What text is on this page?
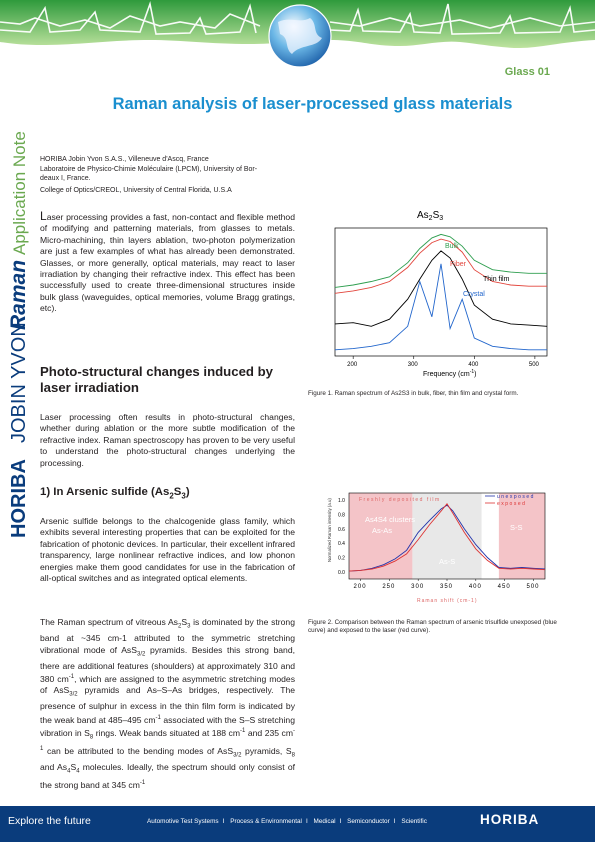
Glass 01
Raman analysis of laser-processed glass materials
HORIBA
JOBIN YVON
Raman
Application Note HORIBA Jobin Yvon S.A.S., Villeneuve d'Ascq, France
Laboratoire de Physico-Chimie Moléculaire (LPCM), University of Bor-
deaux I, France.
College of Optics/CREOL, University of Central Florida, U.S.A
Laser processing provides a fast, non-contact and flexible method of modifying and patterning materials, from glasses to metals. Micro-machining, thin layers ablation, two-photon polymerization are just a few examples of what has already been demonstrated. Glasses, or more generally, optical materials, may react to laser irradiation by changing their refractive index. This effect has been successfully used to create three-dimensional structures inside bulk glass (waveguides, optical memories, volume Bragg gratings, etc).
Photo-structural changes induced by laser irradiation
Laser processing often results in photo-structural changes, whether during ablation or the more subtle modification of the refractive index. Raman spectroscopy has proven to be very useful to understand the photo-structural changes underlying the processing.
1) In Arsenic sulfide $(As_2S_3)$
Arsenic sulfide belongs to the chalcogenide glass family, which exhibits several interesting properties that can be exploited for the fabrication of photonic devices. In particular, their excellent infrared transparency, large nonlinear refractive indices, and low phonon energies make them good candidates for use in the fabrication of all-optical switches and as integrated optical elements.
The Raman spectrum of vitreous $As_2S_3$ is dominated by the strong band at ~345 cm-1 attributed to the symmetric stretching vibrational mode of AsS$_{3/2}$ pyramids. Besides this strong band, there are additional features (shoulders) at approximately 310 and 380 $cm^{-1}$, which are assigned to the asymmetric stretching modes of AsS$_{3/2}$ pyramids and As–S–As bridges, respectively. The presence of sulphur in excess in the thin film form is indicated by the weak band at 485–495 $cm^{-1}$ associated with the S–S stretching vibration in $S_8$ rings. Weak bands situated at 188 $cm^{-1}$ and 235 $cm^{-1}$ can be attributed to the bending modes of AsS$_{3/2}$ pyramids, $S_8$ and $As_4S_4$ molecules. Ideally, the spectrum should only consist of the strong band at 345 $cm^{-1}$
$As_2S_3$
200	300	400	500
Bulk
Fiber
Thin film
Crystal
Frequency $(cm^{-1})$
Figure 1. Raman spectrum of As2S3 in bulk, fiber, thin film and crystal form.
200	250	300	350	400	450	500
0.0
0.2
0.4
0.6
0.8
1.0	Freshly deposited film	unexposed
exposed
As4S4 clusters
As-As
As-S
S-S
Normalized Raman intensity (a.u)
Raman shift (cm-1)
Figure 2. Comparison between the Raman spectrum of arsenic trisulfide unexposed (blue curve) and exposed to the laser (red curve).
Explore the future	Automotive Test Systems I Process & Environmental I Medical I Semiconductor I Scientific	HORIBA
